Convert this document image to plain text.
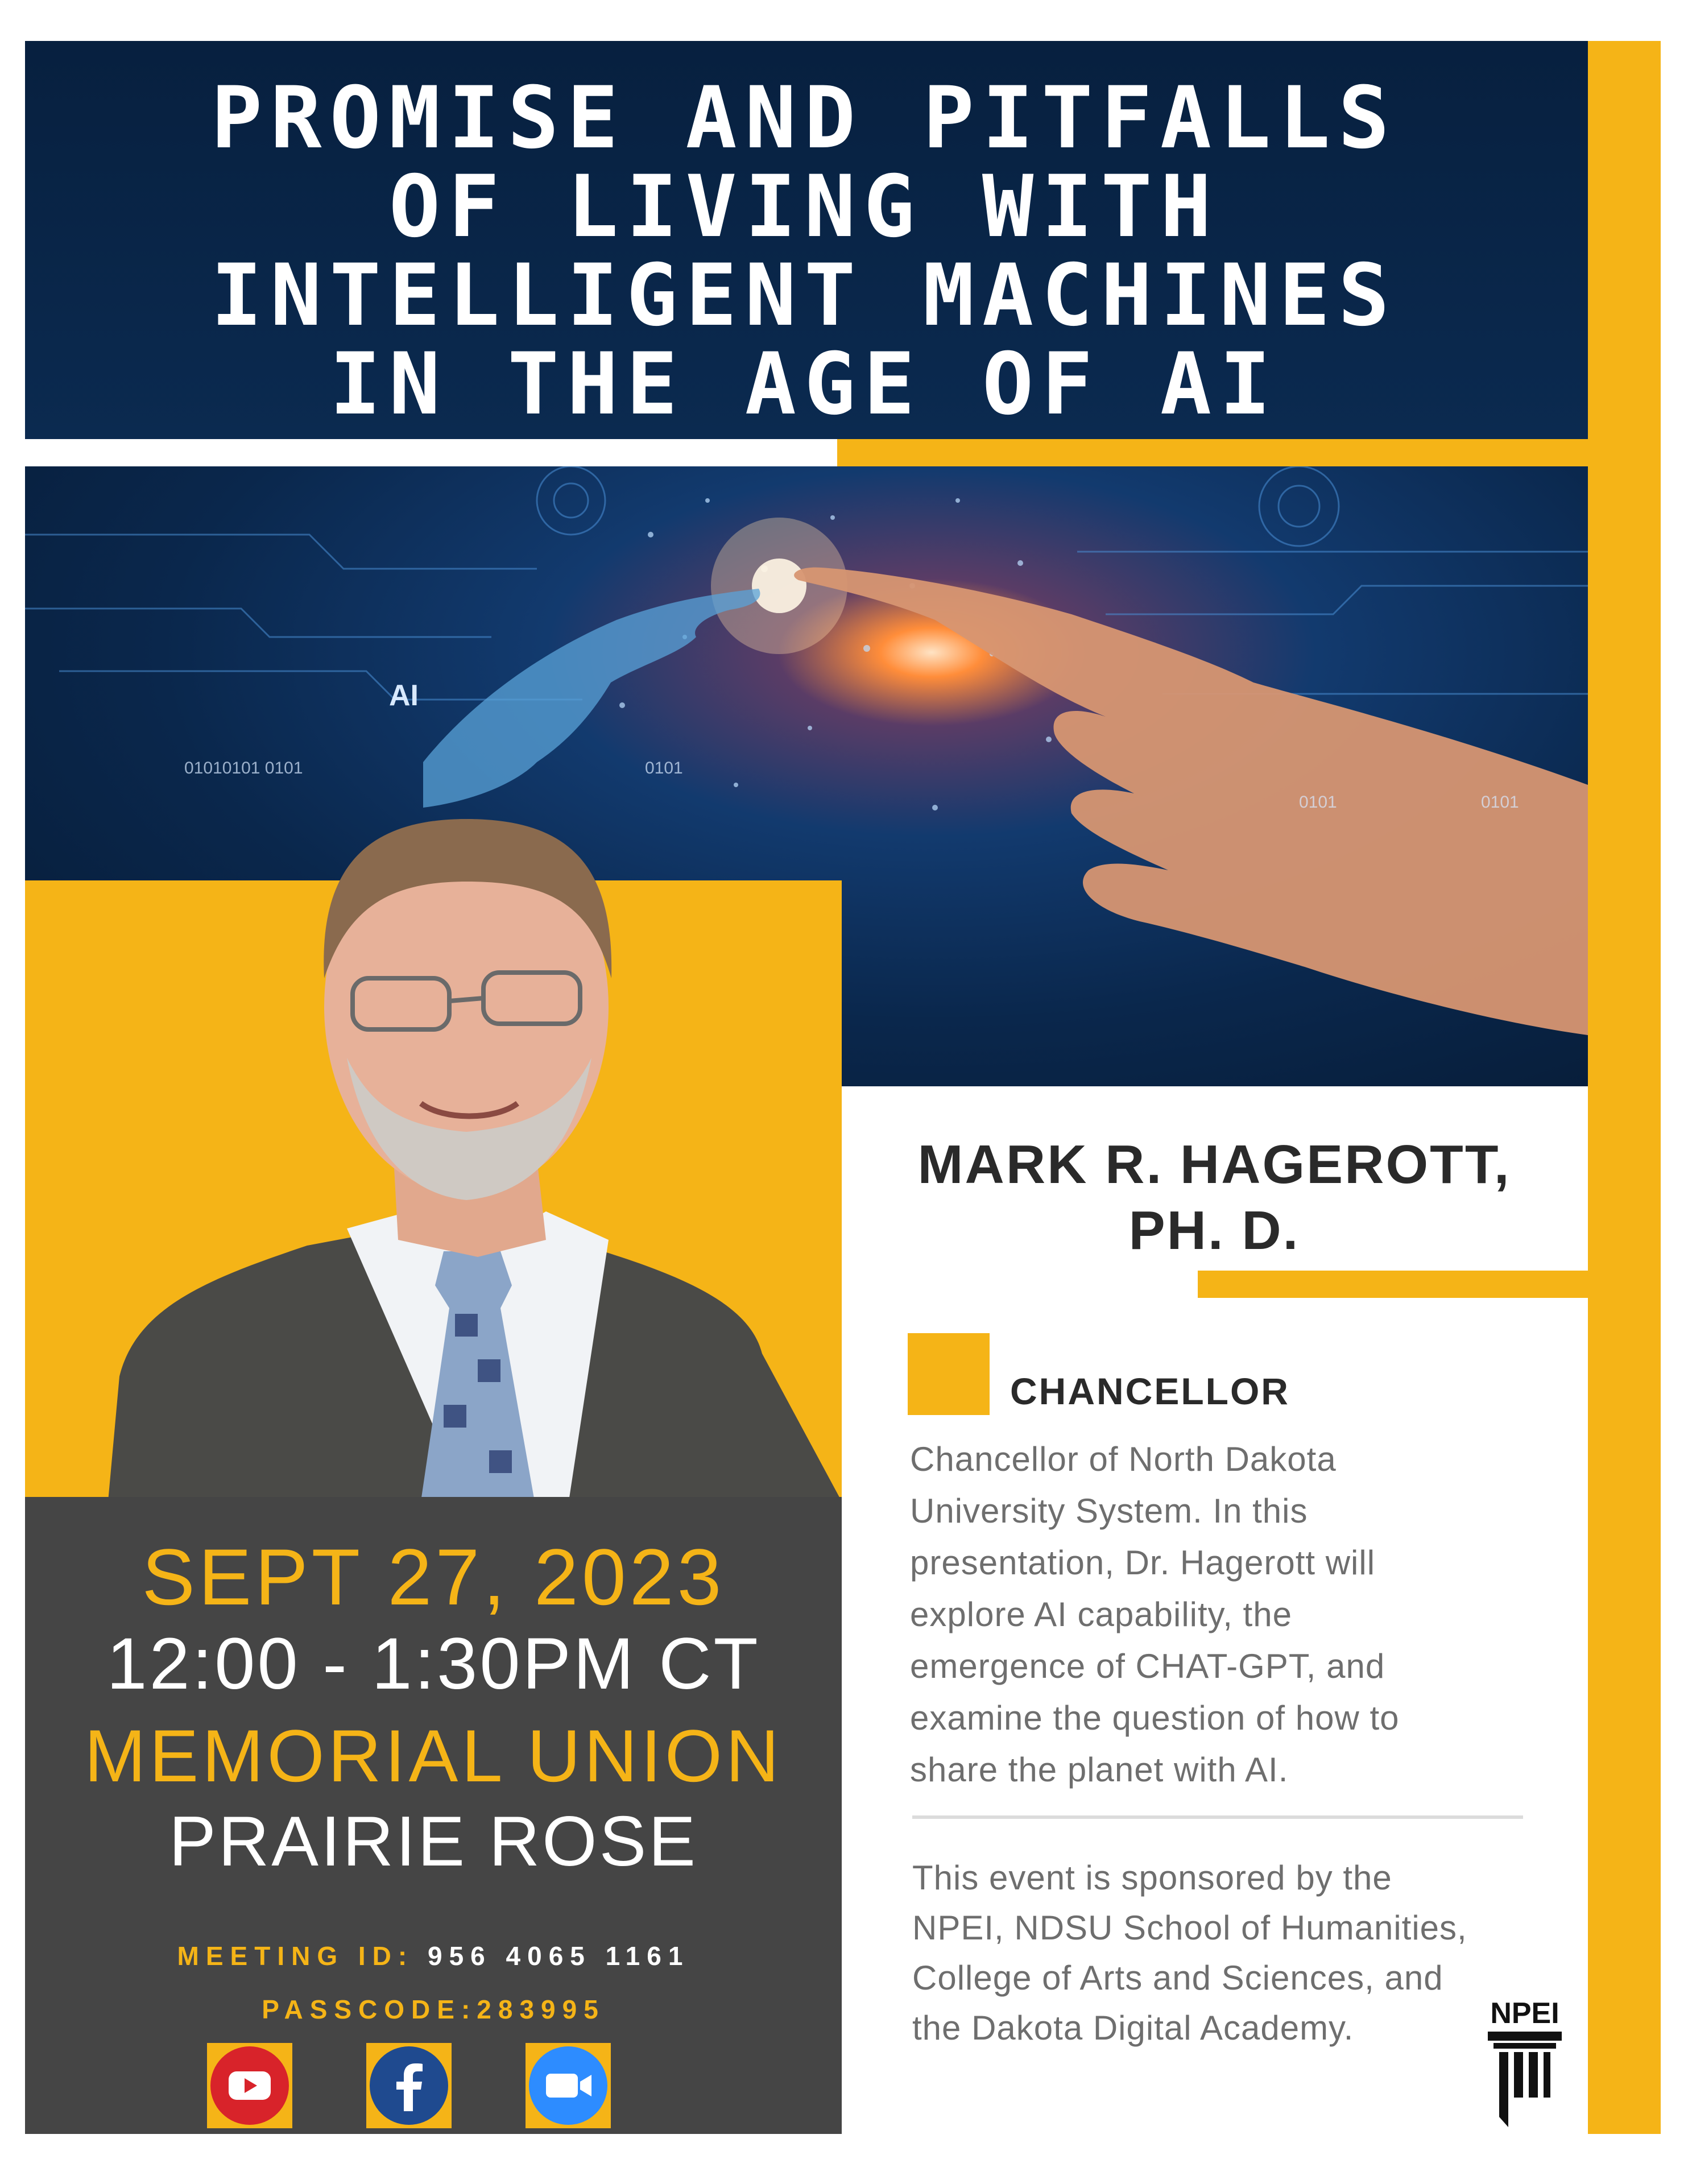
PROMISE AND PITFALLS
OF LIVING WITH
INTELLIGENT MACHINES
IN THE AGE OF AI
AI
01010101 0101	0101
0101	0101
SEPT 27, 2023
12:00 - 1:30PM CT
MEMORIAL UNION
PRAIRIE ROSE
MEETING ID: 956 4065 1161
PASSCODE:283995
MARK R. HAGEROTT,
PH. D.
CHANCELLOR
Chancellor of North Dakota
University System. In this
presentation, Dr. Hagerott will
explore AI capability, the
emergence of CHAT-GPT, and
examine the question of how to
share the planet with AI.
This event is sponsored by the
NPEI, NDSU School of Humanities,
College of Arts and Sciences, and
the Dakota Digital Academy.	NPEI
